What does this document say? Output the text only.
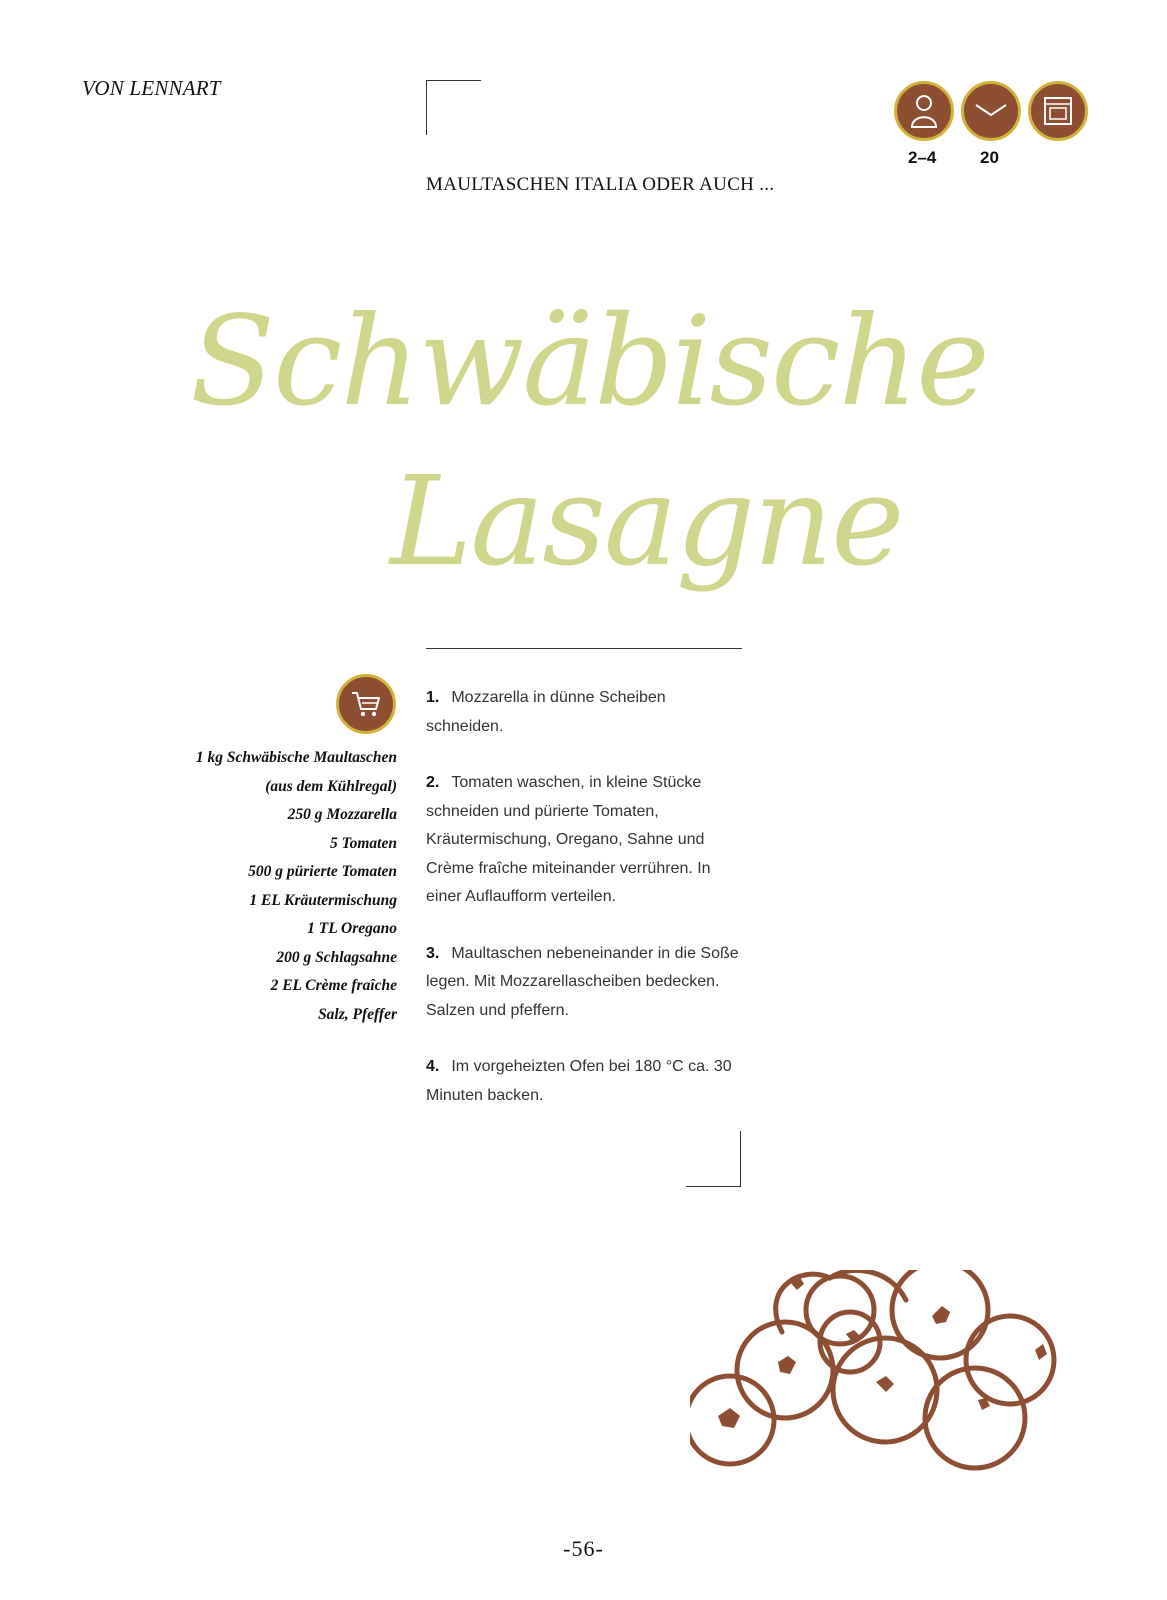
VON LENNART
MAULTASCHEN ITALIA ODER AUCH ...
2–4	20
Schwäbische
Lasagne
1 kg Schwäbische Maultaschen
(aus dem Kühlregal)
250 g Mozzarella
5 Tomaten
500 g pürierte Tomaten
1 EL Kräutermischung
1 TL Oregano
200 g Schlagsahne
2 EL Crème fraîche
Salz, Pfeffer
1. Mozzarella in dünne Scheiben schneiden.
2. Tomaten waschen, in kleine Stücke schneiden und pürierte Tomaten, Kräutermischung, Oregano, Sahne und Crème fraîche miteinander verrühren. In einer Auflaufform verteilen.
3. Maultaschen nebeneinander in die Soße legen. Mit Mozzarellascheiben bedecken. Salzen und pfeffern.
4. Im vorgeheizten Ofen bei 180 °C ca. 30 Minuten backen.
-56-
